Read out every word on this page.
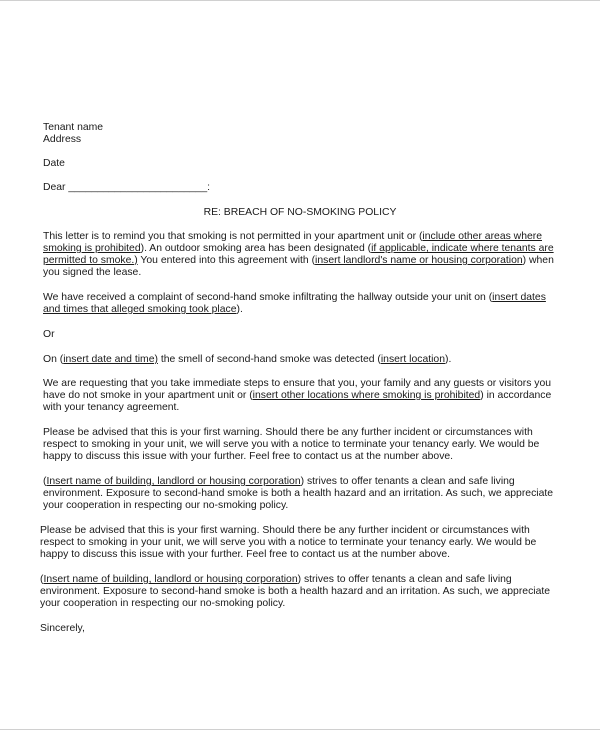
Tenant name

Address

Date

Dear ________________________:

RE: BREACH OF NO-SMOKING POLICY

This letter is to remind you that smoking is not permitted in your apartment unit or (include other areas where

smoking is prohibited). An outdoor smoking area has been designated (if applicable, indicate where tenants are

permitted to smoke.) You entered into this agreement with (insert landlord's name or housing corporation) when

you signed the lease.

We have received a complaint of second-hand smoke infiltrating the hallway outside your unit on (insert dates

and times that alleged smoking took place).

Or

On (insert date and time) the smell of second-hand smoke was detected (insert location).

We are requesting that you take immediate steps to ensure that you, your family and any guests or visitors you

have do not smoke in your apartment unit or (insert other locations where smoking is prohibited) in accordance

with your tenancy agreement.

Please be advised that this is your first warning. Should there be any further incident or circumstances with

respect to smoking in your unit, we will serve you with a notice to terminate your tenancy early. We would be

happy to discuss this issue with your further. Feel free to contact us at the number above.

(Insert name of building, landlord or housing corporation) strives to offer tenants a clean and safe living

environment. Exposure to second-hand smoke is both a health hazard and an irritation. As such, we appreciate

your cooperation in respecting our no-smoking policy.

Please be advised that this is your first warning. Should there be any further incident or circumstances with

respect to smoking in your unit, we will serve you with a notice to terminate your tenancy early. We would be

happy to discuss this issue with your further. Feel free to contact us at the number above.

(Insert name of building, landlord or housing corporation) strives to offer tenants a clean and safe living

environment. Exposure to second-hand smoke is both a health hazard and an irritation. As such, we appreciate

your cooperation in respecting our no-smoking policy.

Sincerely,
